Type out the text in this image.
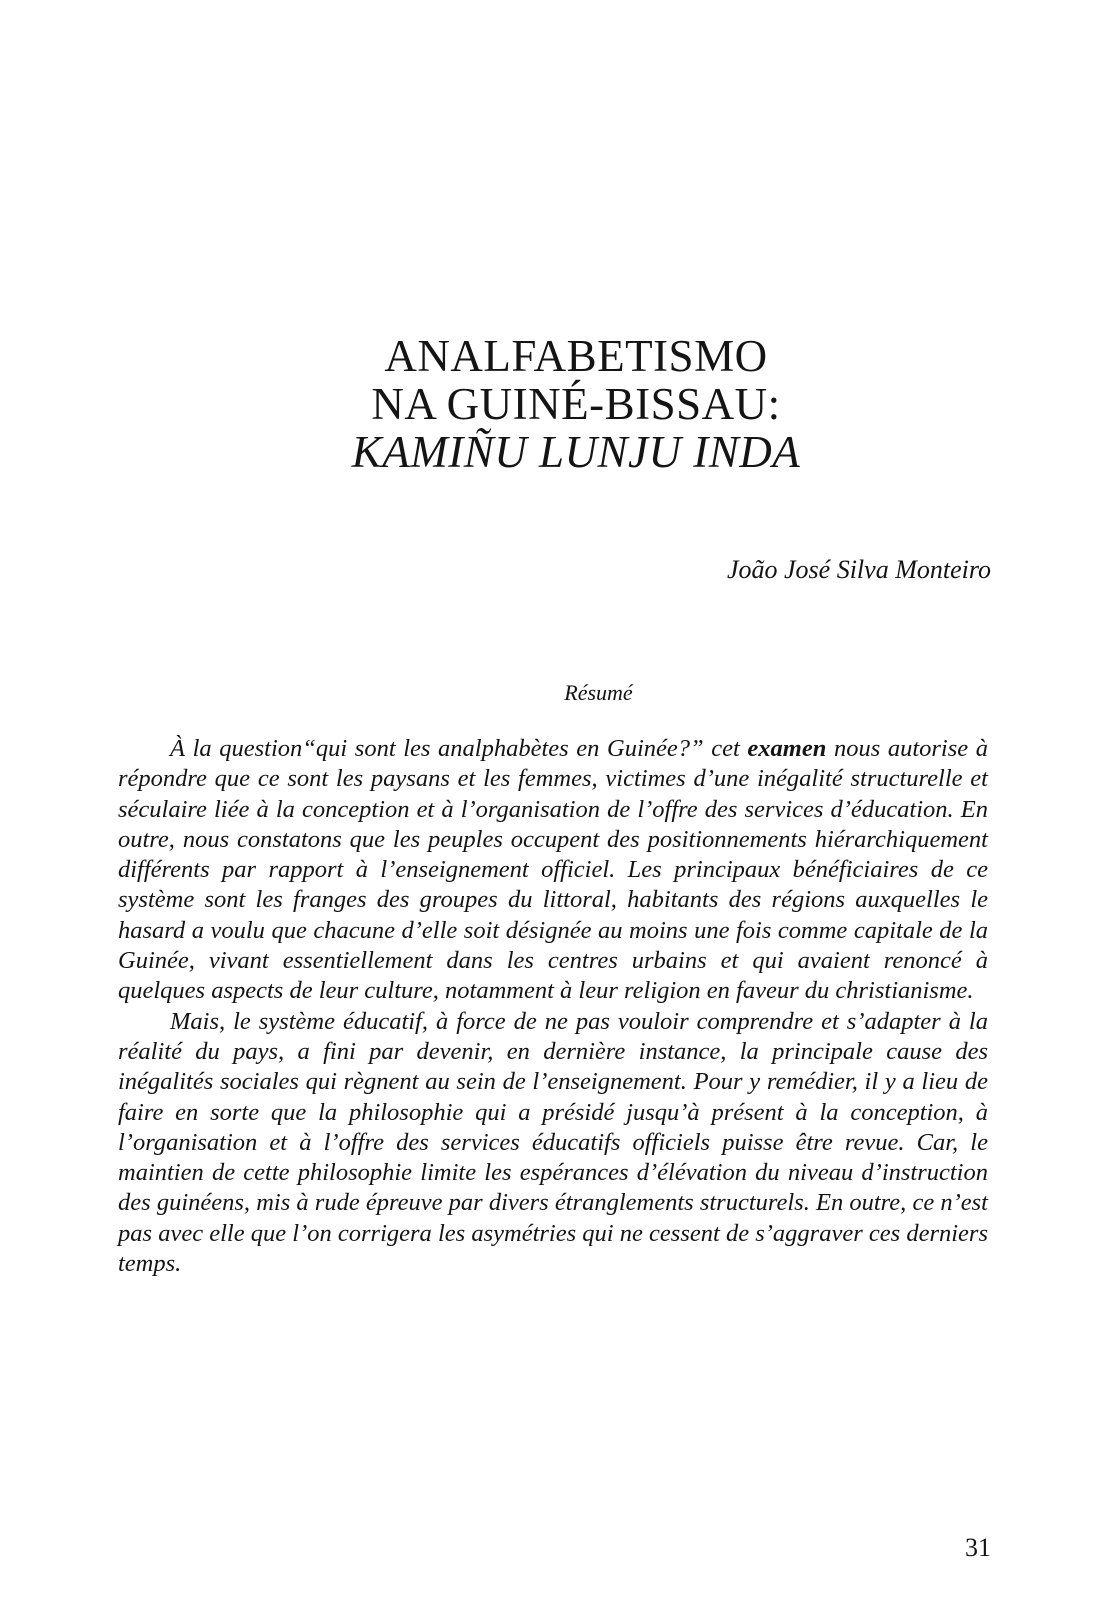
ANALFABETISMO
NA GUINÉ-BISSAU:
KAMIÑU LUNJU INDA
João José Silva Monteiro
Résumé

À la question“qui sont les analphabètes en Guinée?” cet examen nous autorise à répondre que ce sont les paysans et les femmes, victimes d’une inégalité structurelle et séculaire liée à la conception et à l’organisation de l’offre des services d’éducation. En outre, nous constatons que les peuples occupent des positionnements hiérarchiquement différents par rapport à l’enseignement officiel. Les principaux bénéficiaires de ce système sont les franges des groupes du littoral, habitants des régions auxquelles le hasard a voulu que chacune d’elle soit désignée au moins une fois comme capitale de la Guinée, vivant essentiellement dans les centres urbains et qui avaient renoncé à quelques aspects de leur culture, notamment à leur religion en faveur du christianisme.

Mais, le système éducatif, à force de ne pas vouloir comprendre et s’adapter à la réalité du pays, a fini par devenir, en dernière instance, la principale cause des inégalités sociales qui règnent au sein de l’enseignement. Pour y remédier, il y a lieu de faire en sorte que la philosophie qui a présidé jusqu’à présent à la conception, à l’organisation et à l’offre des services éducatifs officiels puisse être revue. Car, le maintien de cette philosophie limite les espérances d’élévation du niveau d’instruction des guinéens, mis à rude épreuve par divers étranglements structurels. En outre, ce n’est pas avec elle que l’on corrigera les asymétries qui ne cessent de s’aggraver ces derniers temps.

31
